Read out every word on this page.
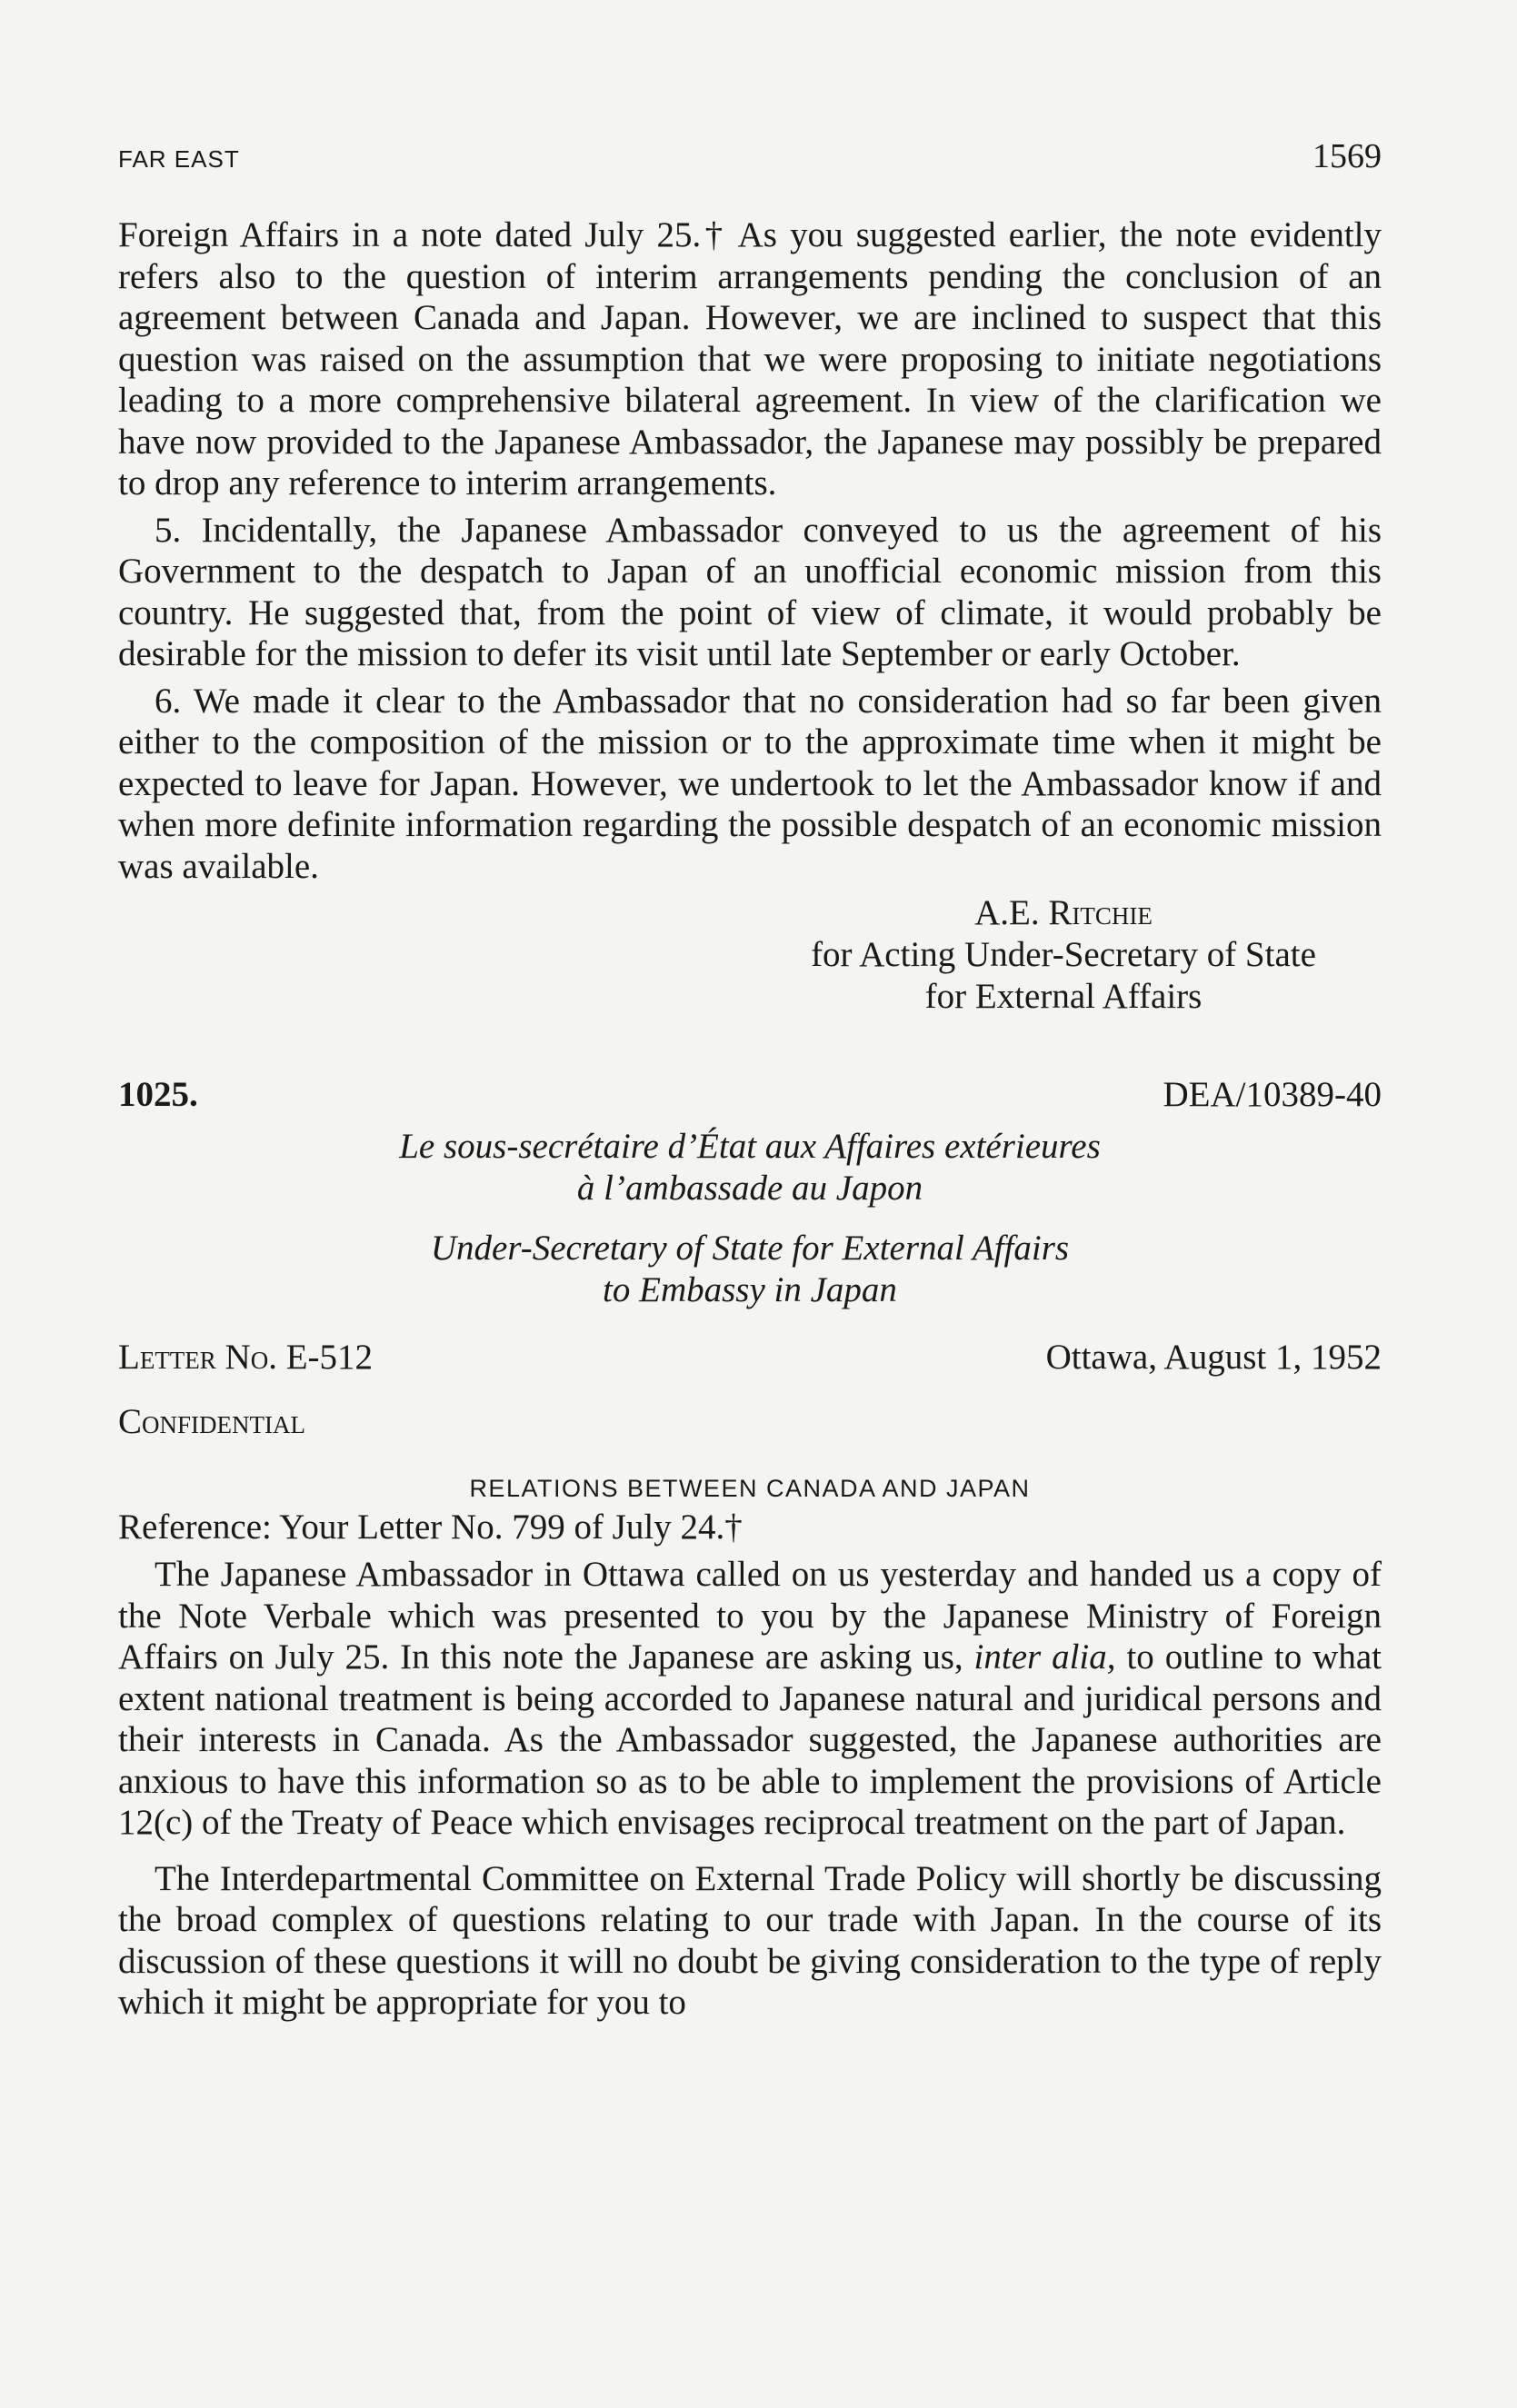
FAR EAST	1569

Foreign Affairs in a note dated July 25.† As you suggested earlier, the note evidently refers also to the question of interim arrangements pending the conclusion of an agreement between Canada and Japan. However, we are inclined to suspect that this question was raised on the assumption that we were proposing to initiate negotiations leading to a more comprehensive bilateral agreement. In view of the clarification we have now provided to the Japanese Ambassador, the Japanese may possibly be prepared to drop any reference to interim arrangements.

5. Incidentally, the Japanese Ambassador conveyed to us the agreement of his Government to the despatch to Japan of an unofficial economic mission from this country. He suggested that, from the point of view of climate, it would probably be desirable for the mission to defer its visit until late September or early October.

6. We made it clear to the Ambassador that no consideration had so far been given either to the composition of the mission or to the approximate time when it might be expected to leave for Japan. However, we undertook to let the Ambassador know if and when more definite information regarding the possible despatch of an economic mission was available.

A.E. Ritchie
for Acting Under-Secretary of State
for External Affairs
1025.	DEA/10389-40
Le sous-secrétaire d’État aux Affaires extérieures
à l’ambassade au Japon
Under-Secretary of State for External Affairs
to Embassy in Japan
Letter No. E-512	Ottawa, August 1, 1952
Confidential
RELATIONS BETWEEN CANADA AND JAPAN
Reference: Your Letter No. 799 of July 24.†

The Japanese Ambassador in Ottawa called on us yesterday and handed us a copy of the Note Verbale which was presented to you by the Japanese Ministry of Foreign Affairs on July 25. In this note the Japanese are asking us, inter alia, to outline to what extent national treatment is being accorded to Japanese natural and juridical persons and their interests in Canada. As the Ambassador suggested, the Japanese authorities are anxious to have this information so as to be able to implement the provisions of Article 12(c) of the Treaty of Peace which envisages reciprocal treatment on the part of Japan.

The Interdepartmental Committee on External Trade Policy will shortly be discussing the broad complex of questions relating to our trade with Japan. In the course of its discussion of these questions it will no doubt be giving consideration to the type of reply which it might be appropriate for you to
